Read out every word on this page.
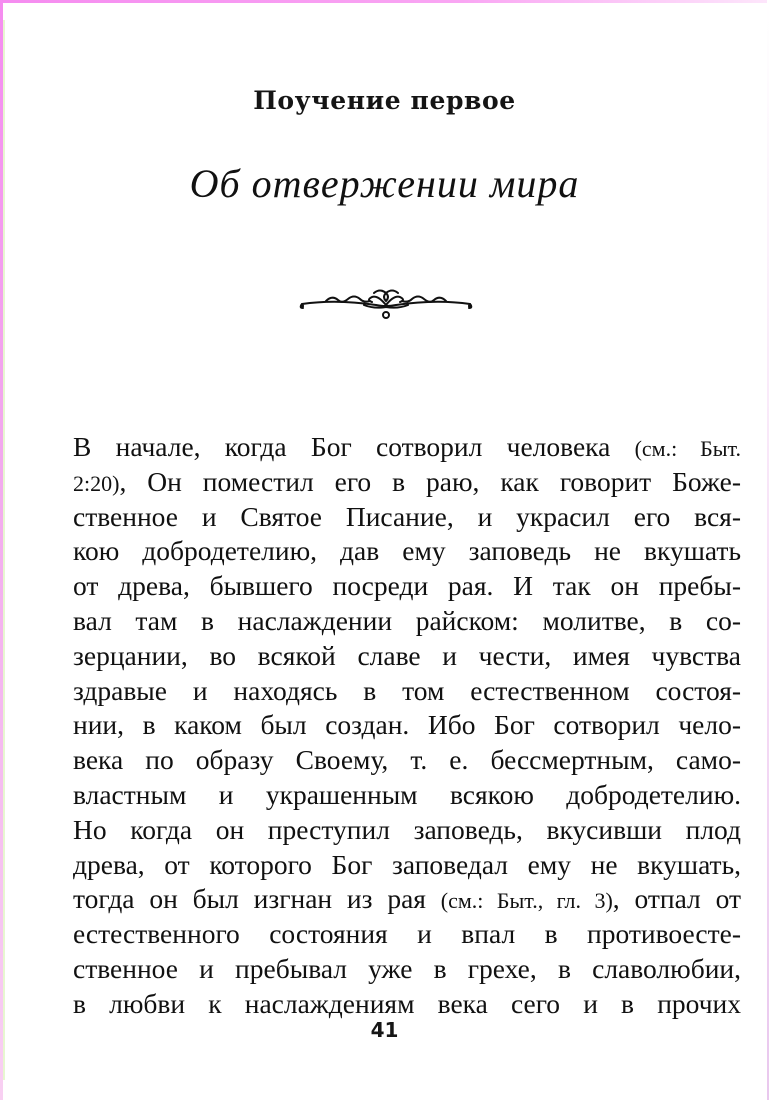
Поучение первое
Об отвержении мира
В начале, когда Бог сотворил человека (см.: Быт.
2:20), Он поместил его в раю, как говорит Боже-
ственное и Святое Писание, и украсил его вся-
кою добродетелию, дав ему заповедь не вкушать
от древа, бывшего посреди рая. И так он пребы-
вал там в наслаждении райском: молитве, в со-
зерцании, во всякой славе и чести, имея чувства
здравые и находясь в том естественном состоя-
нии, в каком был создан. Ибо Бог сотворил чело-
века по образу Своему, т. е. бессмертным, само-
властным и украшенным всякою добродетелию.
Но когда он преступил заповедь, вкусивши плод
древа, от которого Бог заповедал ему не вкушать,
тогда он был изгнан из рая (см.: Быт., гл. 3), отпал от
естественного состояния и впал в противоесте-
ственное и пребывал уже в грехе, в славолюбии,
в любви к наслаждениям века сего и в прочих
41
